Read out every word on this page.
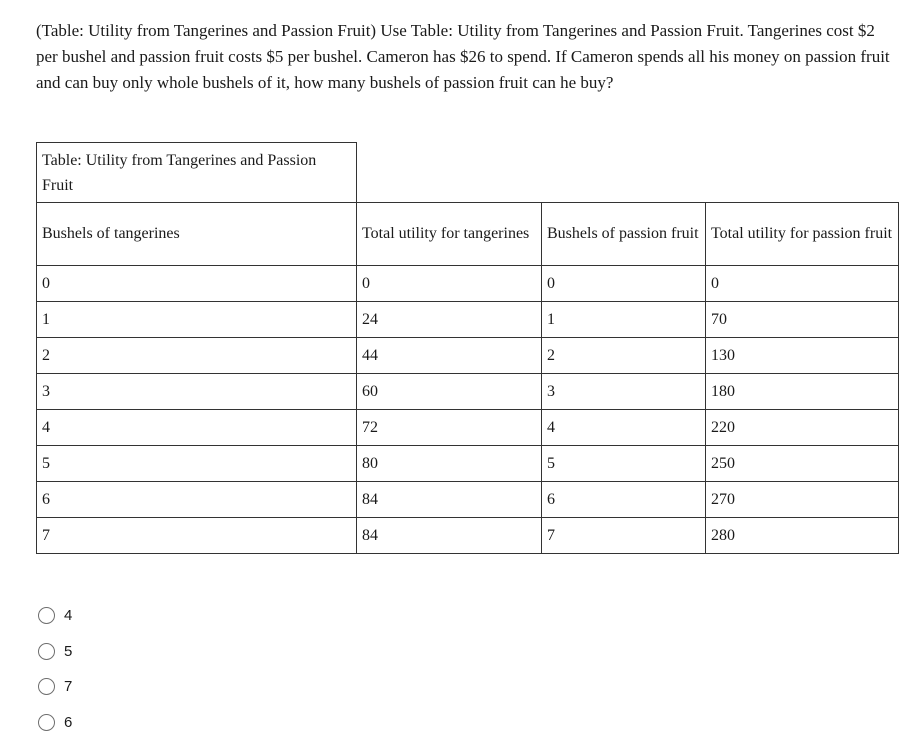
(Table: Utility from Tangerines and Passion Fruit) Use Table: Utility from Tangerines and Passion Fruit. Tangerines cost $2 per bushel and passion fruit costs $5 per bushel. Cameron has $26 to spend. If Cameron spends all his money on passion fruit and can buy only whole bushels of it, how many bushels of passion fruit can he buy?

Table: Utility from Tangerines and Passion Fruit			
Bushels of tangerines	Total utility for tangerines	Bushels of passion fruit	Total utility for passion fruit
0	0	0	0
1	24	1	70
2	44	2	130
3	60	3	180
4	72	4	220
5	80	5	250
6	84	6	270
7	84	7	280
4
5
7
6
